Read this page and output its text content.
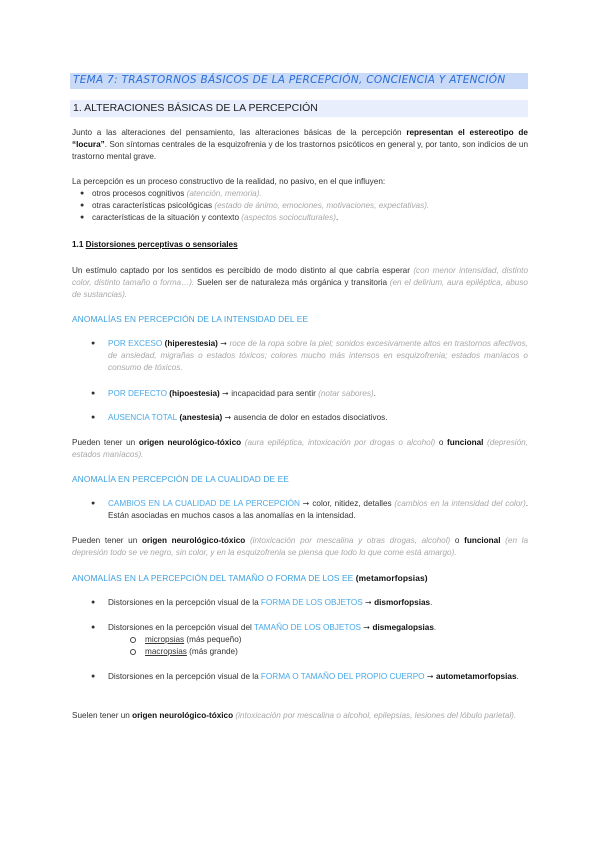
TEMA 7: TRASTORNOS BÁSICOS DE LA PERCEPCIÓN, CONCIENCIA Y ATENCIÓN
1. ALTERACIONES BÁSICAS DE LA PERCEPCIÓN
Junto a las alteraciones del pensamiento, las alteraciones básicas de la percepción representan el estereotipo de “locura”. Son síntomas centrales de la esquizofrenia y de los trastornos psicóticos en general y, por tanto, son indicios de un trastorno mental grave.
La percepción es un proceso constructivo de la realidad, no pasivo, en el que influyen:
● otros procesos cognitivos (atención, memoria).
● otras características psicológicas (estado de ánimo, emociones, motivaciones, expectativas).
● características de la situación y contexto (aspectos socioculturales).
1.1 Distorsiones perceptivas o sensoriales
Un estímulo captado por los sentidos es percibido de modo distinto al que cabría esperar (con menor intensidad, distinto color, distinto tamaño o forma…). Suelen ser de naturaleza más orgánica y transitoria (en el delirium, aura epiléptica, abuso de sustancias).
ANOMALÍAS EN PERCEPCIÓN DE LA INTENSIDAD DEL EE
● POR EXCESO (hiperestesia) ➞ roce de la ropa sobre la piel; sonidos excesivamente altos en trastornos afectivos, de ansiedad, migrañas o estados tóxicos; colores mucho más intensos en esquizofrenia; estados maníacos o consumo de tóxicos.
● POR DEFECTO (hipoestesia) ➞ incapacidad para sentir (notar sabores).
● AUSENCIA TOTAL (anestesia) ➞ ausencia de dolor en estados disociativos.
Pueden tener un origen neurológico-tóxico (aura epiléptica, intoxicación por drogas o alcohol) o funcional (depresión, estados maníacos).
ANOMALÍA EN PERCEPCIÓN DE LA CUALIDAD DE EE
● CAMBIOS EN LA CUALIDAD DE LA PERCEPCIÓN ➞ color, nitidez, detalles (cambios en la intensidad del color). Están asociadas en muchos casos a las anomalías en la intensidad.
Pueden tener un origen neurológico-tóxico (intoxicación por mescalina y otras drogas, alcohol) o funcional (en la depresión todo se ve negro, sin color, y en la esquizofrenia se piensa que todo lo que come está amargo).
ANOMALÍAS EN LA PERCEPCIÓN DEL TAMAÑO O FORMA DE LOS EE (metamorfopsias)
● Distorsiones en la percepción visual de la FORMA DE LOS OBJETOS ➞ dismorfopsias.
● Distorsiones en la percepción visual del TAMAÑO DE LOS OBJETOS ➞ dismegalopsias.
micropsias (más pequeño)
macropsias (más grande)
● Distorsiones en la percepción visual de la FORMA O TAMAÑO DEL PROPIO CUERPO ➞ autometamorfopsias.
Suelen tener un origen neurológico-tóxico (intoxicación por mescalina o alcohol, epilepsias, lesiones del lóbulo parietal).
